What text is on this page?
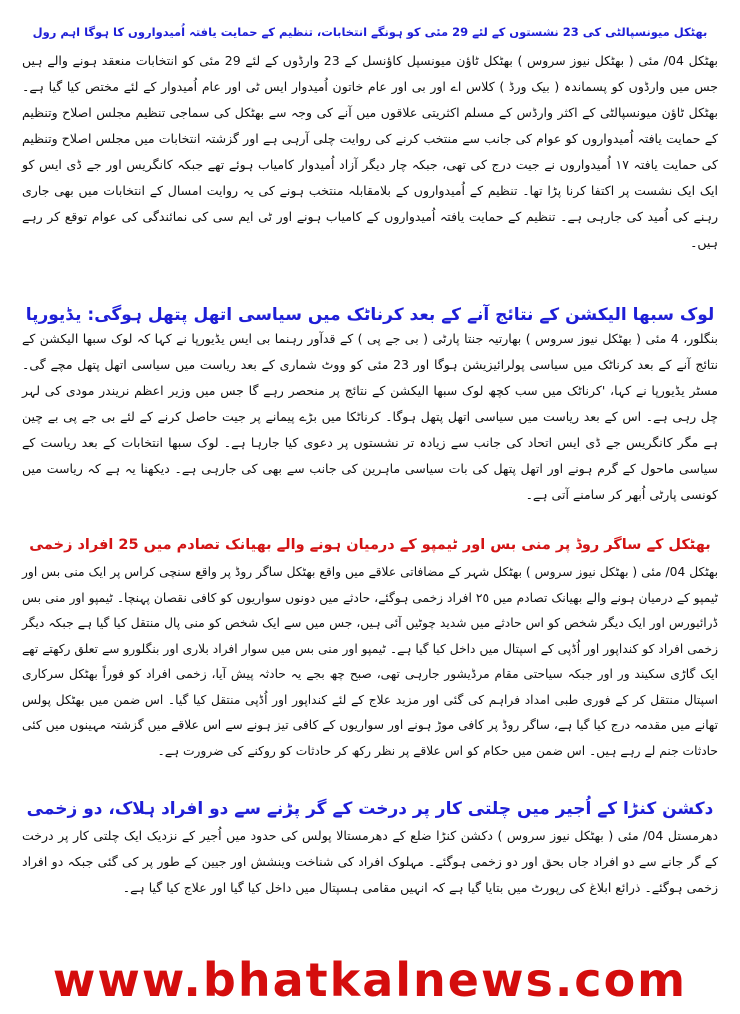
بھٹکل میونسپالٹی کی 23 نشستوں کے لئے 29 مئی کو ہونگے انتخابات، تنظیم کے حمایت یافتہ اُمیدواروں کا ہوگا اہم رول

بھٹکل 04/ مئی ( بھٹکل نیوز سروس ) بھٹکل ٹاؤن میونسپل کاؤنسل کے 23 وارڈوں کے لئے 29 مئی کو انتخابات منعقد ہونے والے ہیں جس میں وارڈوں کو پسماندہ ( بیک ورڈ ) کلاس اے اور بی اور عام خاتون اُمیدوار ایس ٹی اور عام اُمیدوار کے لئے مختص کیا گیا ہے۔ بھٹکل ٹاؤن میونسپالٹی کے اکثر وارڈس کے مسلم اکثریتی علاقوں میں آنے کی وجہ سے بھٹکل کی سماجی تنظیم مجلس اصلاح وتنظیم کے حمایت یافتہ اُمیدواروں کو عوام کی جانب سے منتخب کرنے کی روایت چلی آرہی ہے اور گزشتہ انتخابات میں مجلس اصلاح وتنظیم کی حمایت یافتہ ١٧ اُمیدواروں نے جیت درج کی تھی، جبکہ چار دیگر آزاد اُمیدوار کامیاب ہوئے تھے جبکہ کانگریس اور جے ڈی ایس کو ایک ایک نشست پر اکتفا کرنا پڑا تھا۔ تنظیم کے اُمیدواروں کے بلامقابلہ منتخب ہونے کی یہ روایت امسال کے انتخابات میں بھی جاری رہنے کی اُمید کی جارہی ہے۔ تنظیم کے حمایت یافتہ اُمیدواروں کے کامیاب ہونے اور ٹی ایم سی کی نمائندگی کی عوام توقع کر رہے ہیں۔

لوک سبھا الیکشن کے نتائج آنے کے بعد کرناٹک میں سیاسی اتھل پتھل ہوگی: یڈیورپا

بنگلور، 4 مئی ( بھٹکل نیوز سروس ) بھارتیہ جنتا پارٹی ( بی جے پی ) کے قدآور رہنما بی ایس یڈیورپا نے کہا کہ لوک سبھا الیکشن کے نتائج آنے کے بعد کرناٹک میں سیاسی پولرائیزیشن ہوگا اور 23 مئی کو ووٹ شماری کے بعد ریاست میں سیاسی اتھل پتھل مچے گی۔ مسٹر یڈیورپا نے کہا، 'کرناٹک میں سب کچھ لوک سبھا الیکشن کے نتائج پر منحصر رہے گا جس میں وزیر اعظم نریندر مودی کی لہر چل رہی ہے۔ اس کے بعد ریاست میں سیاسی اتھل پتھل ہوگا۔ کرناٹکا میں بڑے پیمانے پر جیت حاصل کرنے کے لئے بی جے پی بے چین ہے مگر کانگریس جے ڈی ایس اتحاد کی جانب سے زیادہ تر نشستوں پر دعوی کیا جارہا ہے۔ لوک سبھا انتخابات کے بعد ریاست کے سیاسی ماحول کے گرم ہونے اور اتھل پتھل کی بات سیاسی ماہرین کی جانب سے بھی کی جارہی ہے۔ دیکھنا یہ ہے کہ ریاست میں کونسی پارٹی اُبھر کر سامنے آتی ہے۔

بھٹکل کے ساگر روڈ پر منی بس اور ٹیمپو کے درمیان ہونے والے بھیانک تصادم میں 25 افراد زخمی

بھٹکل 04/ مئی ( بھٹکل نیوز سروس ) بھٹکل شہر کے مضافاتی علاقے میں واقع بھٹکل ساگر روڈ پر واقع سنچی کراس پر ایک منی بس اور ٹیمپو کے درمیان ہونے والے بھیانک تصادم میں ٢٥ افراد زخمی ہوگئے، حادثے میں دونوں سواریوں کو کافی نقصان پہنچا۔ ٹیمپو اور منی بس ڈرائیورس اور ایک دیگر شخص کو اس حادثے میں شدید چوٹیں آئی ہیں، جس میں سے ایک شخص کو منی پال منتقل کیا گیا ہے جبکہ دیگر زخمی افراد کو کنداپور اور اُڈپی کے اسپتال میں داخل کیا گیا ہے۔ ٹیمپو اور منی بس میں سوار افراد بلاری اور بنگلورو سے تعلق رکھتے تھے ایک گاڑی سکیند ور اور جبکہ سیاحتی مقام مرڈیشور جارہی تھی، صبح چھ بجے یہ حادثہ پیش آیا، زخمی افراد کو فوراً بھٹکل سرکاری اسپتال منتقل کر کے فوری طبی امداد فراہم کی گئی اور مزید علاج کے لئے کنداپور اور اُڈپی منتقل کیا گیا۔ اس ضمن میں بھٹکل پولس تھانے میں مقدمہ درج کیا گیا ہے، ساگر روڈ پر کافی موڑ ہونے اور سواریوں کے کافی تیز ہونے سے اس علاقے میں گزشتہ مہینوں میں کئی حادثات جنم لے رہے ہیں۔ اس ضمن میں حکام کو اس علاقے پر نظر رکھ کر حادثات کو روکنے کی ضرورت ہے۔

دکشن کنڑا کے اُجیر میں چلتی کار پر درخت کے گر پڑنے سے دو افراد ہلاک، دو زخمی

دھرمستل 04/ مئی ( بھٹکل نیوز سروس ) دکشن کنڑا ضلع کے دھرمستالا پولس کی حدود میں اُجیر کے نزدیک ایک چلتی کار پر درخت کے گر جانے سے دو افراد جاں بحق اور دو زخمی ہوگئے۔ مہلوک افراد کی شناخت وینشش اور جیین کے طور پر کی گئی جبکہ دو افراد زخمی ہوگئے۔ ذرائع ابلاغ کی رپورٹ میں بتایا گیا ہے کہ انہیں مقامی ہسپتال میں داخل کیا گیا اور علاج کیا گیا ہے۔

www.bhatkalnews.com
